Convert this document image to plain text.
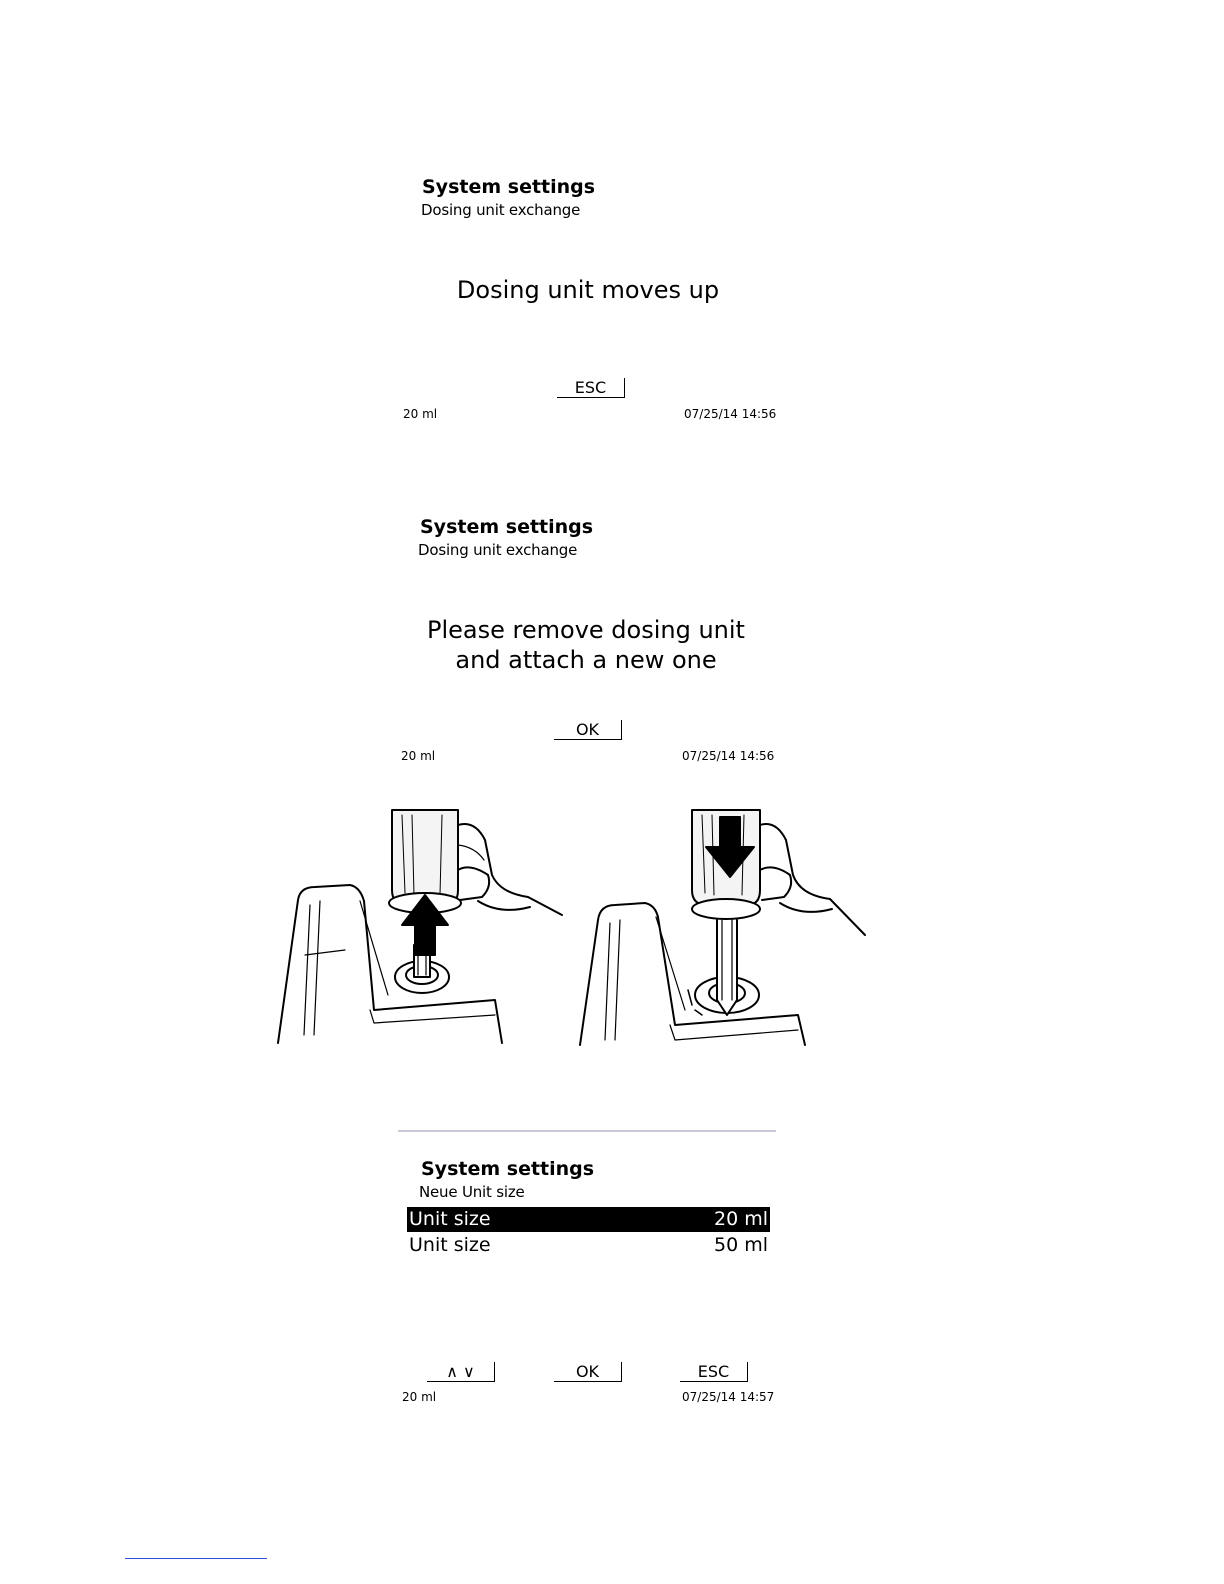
System settings
Dosing unit exchange
Dosing unit moves up
ESC
20 ml	07/25/14 14:56
System settings
Dosing unit exchange
Please remove dosing unit
and attach a new one
OK
20 ml	07/25/14 14:56
System settings
Neue Unit size
Unit size	20 ml
Unit size	50 ml
∧ ∨	OK	ESC
20 ml	07/25/14 14:57
